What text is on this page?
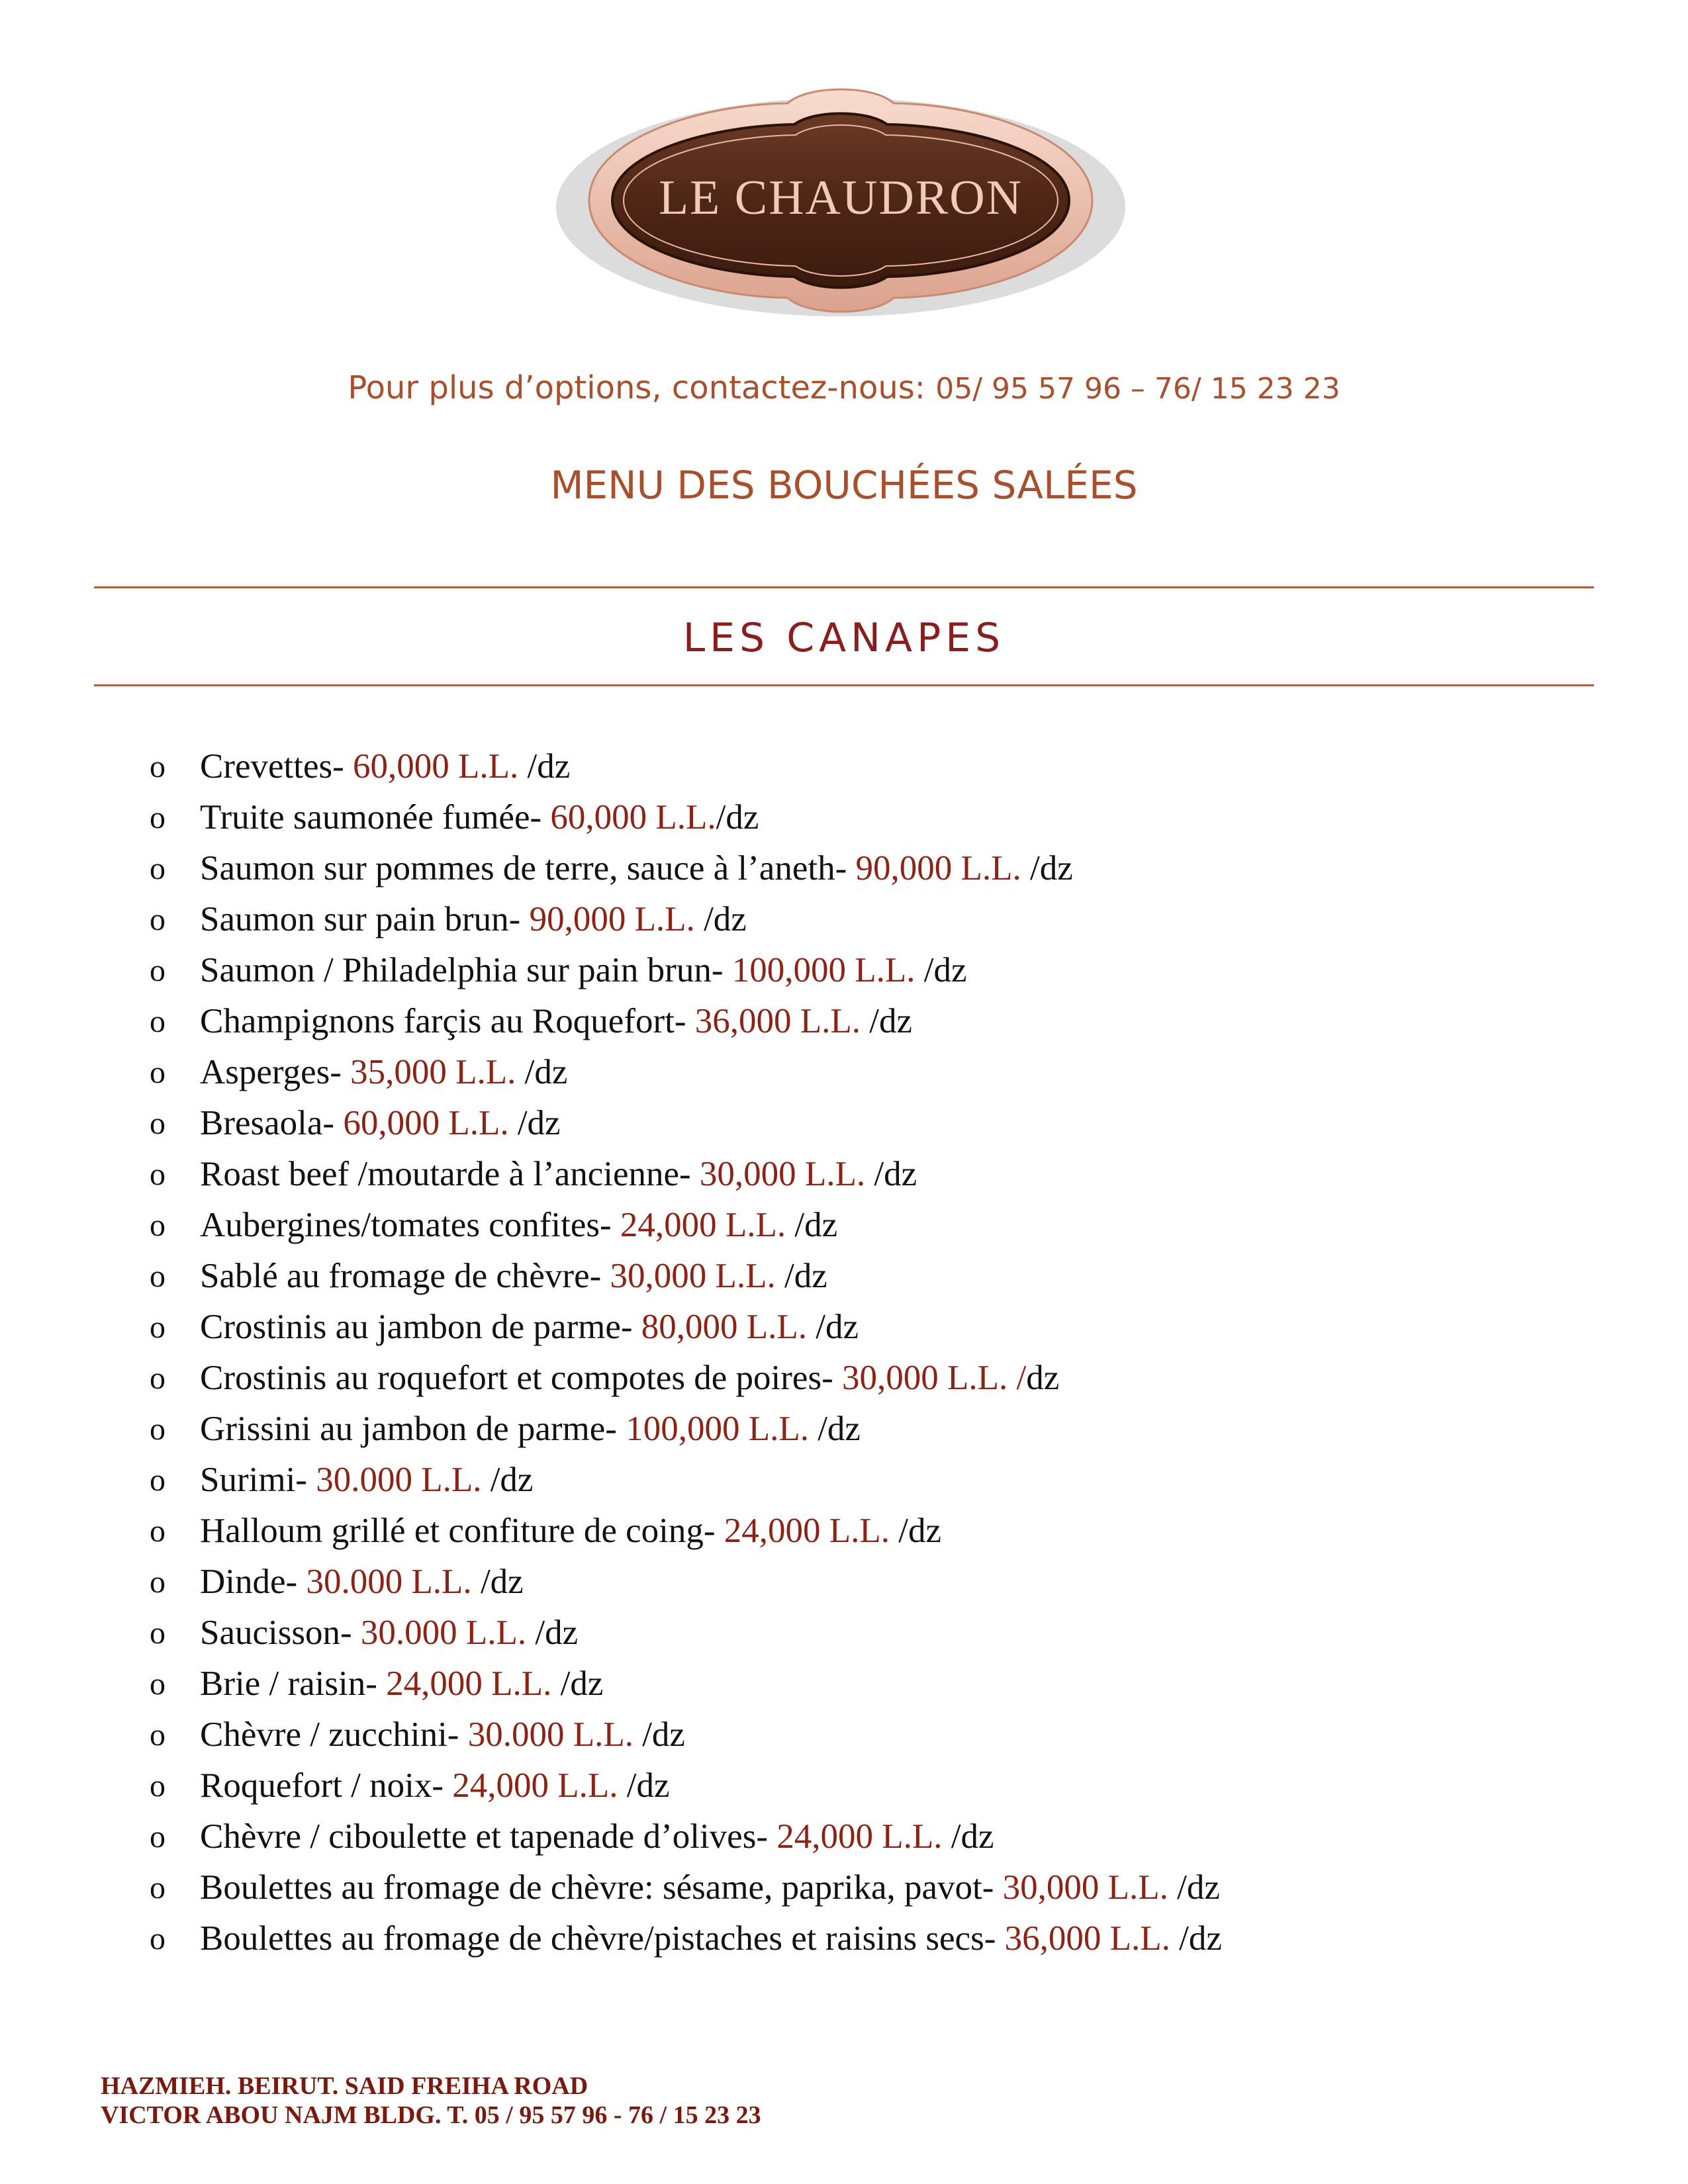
LE CHAUDRON
Pour plus d’options, contactez-nous: 05/ 95 57 96 – 76/ 15 23 23
MENU DES BOUCHÉES SALÉES
LES CANAPES
o Crevettes- 60,000 L.L. /dz
o Truite saumonée fumée- 60,000 L.L./dz
o Saumon sur pommes de terre, sauce à l’aneth- 90,000 L.L. /dz
o Saumon sur pain brun- 90,000 L.L. /dz
o Saumon / Philadelphia sur pain brun- 100,000 L.L. /dz
o Champignons farçis au Roquefort- 36,000 L.L. /dz
o Asperges- 35,000 L.L. /dz
o Bresaola- 60,000 L.L. /dz
o Roast beef /moutarde à l’ancienne- 30,000 L.L. /dz
o Aubergines/tomates confites- 24,000 L.L. /dz
o Sablé au fromage de chèvre- 30,000 L.L. /dz
o Crostinis au jambon de parme- 80,000 L.L. /dz
o Crostinis au roquefort et compotes de poires- 30,000 L.L. /dz
o Grissini au jambon de parme- 100,000 L.L. /dz
o Surimi- 30.000 L.L. /dz
o Halloum grillé et confiture de coing- 24,000 L.L. /dz
o Dinde- 30.000 L.L. /dz
o Saucisson- 30.000 L.L. /dz
o Brie / raisin- 24,000 L.L. /dz
o Chèvre / zucchini- 30.000 L.L. /dz
o Roquefort / noix- 24,000 L.L. /dz
o Chèvre / ciboulette et tapenade d’olives- 24,000 L.L. /dz
o Boulettes au fromage de chèvre: sésame, paprika, pavot- 30,000 L.L. /dz
o Boulettes au fromage de chèvre/pistaches et raisins secs- 36,000 L.L. /dz
HAZMIEH. BEIRUT. SAID FREIHA ROAD
VICTOR ABOU NAJM BLDG. T. 05 / 95 57 96 - 76 / 15 23 23
